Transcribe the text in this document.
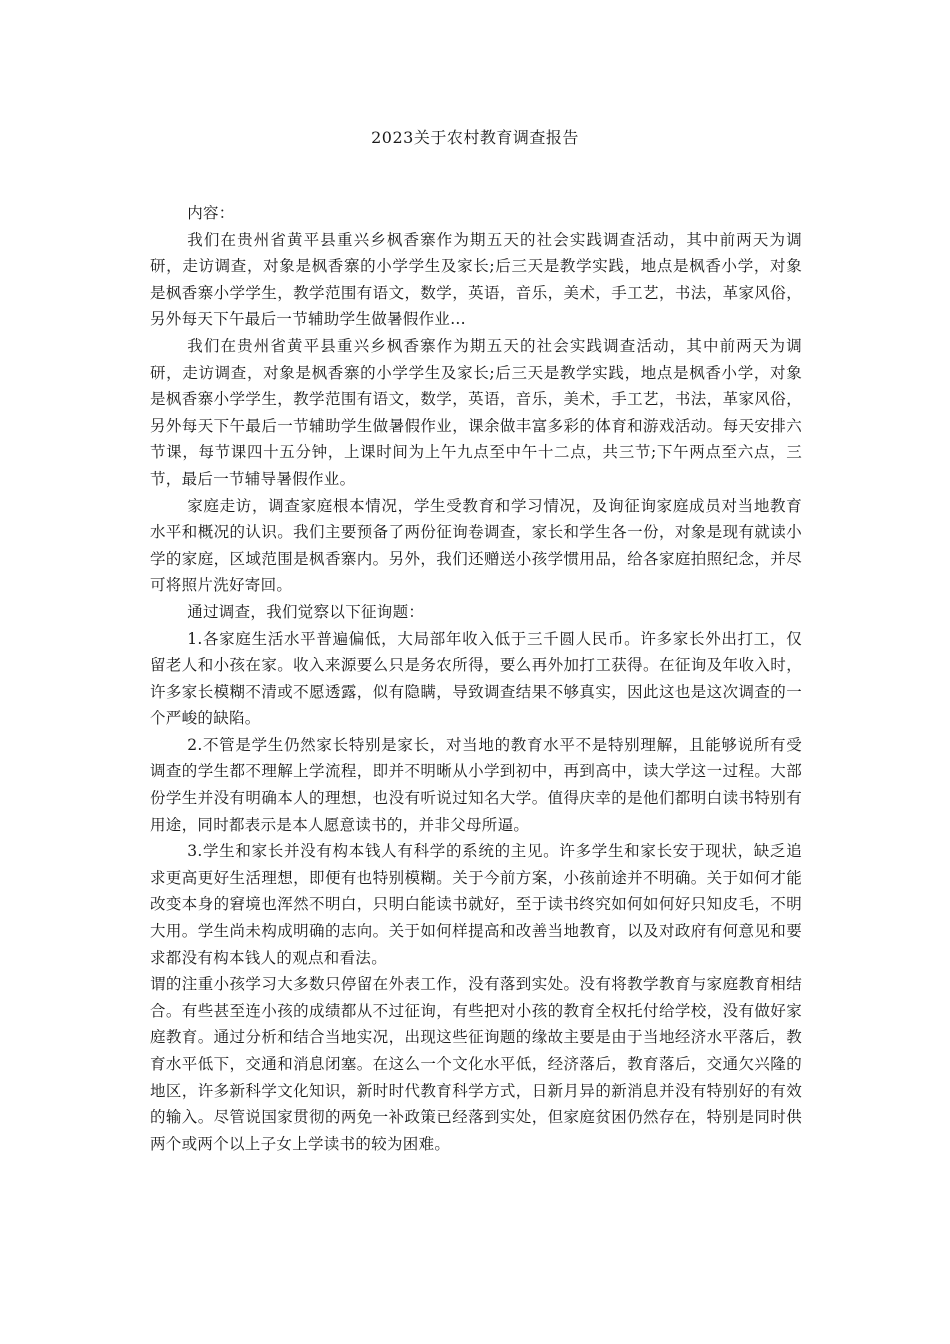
2023关于农村教育调查报告

内容：

我们在贵州省黄平县重兴乡枫香寨作为期五天的社会实践调查活动，其中前两天为调研，走访调查，对象是枫香寨的小学学生及家长;后三天是教学实践，地点是枫香小学，对象是枫香寨小学学生，教学范围有语文，数学，英语，音乐，美术，手工艺，书法，革家风俗，另外每天下午最后一节辅助学生做暑假作业...

我们在贵州省黄平县重兴乡枫香寨作为期五天的社会实践调查活动，其中前两天为调研，走访调查，对象是枫香寨的小学学生及家长;后三天是教学实践，地点是枫香小学，对象是枫香寨小学学生，教学范围有语文，数学，英语，音乐，美术，手工艺，书法，革家风俗，另外每天下午最后一节辅助学生做暑假作业，课余做丰富多彩的体育和游戏活动。每天安排六节课，每节课四十五分钟，上课时间为上午九点至中午十二点，共三节;下午两点至六点，三节，最后一节辅导暑假作业。

家庭走访，调查家庭根本情况，学生受教育和学习情况，及询征询家庭成员对当地教育水平和概况的认识。我们主要预备了两份征询卷调查，家长和学生各一份，对象是现有就读小学的家庭，区域范围是枫香寨内。另外，我们还赠送小孩学惯用品，给各家庭拍照纪念，并尽可将照片洗好寄回。

通过调查，我们觉察以下征询题：

1.各家庭生活水平普遍偏低，大局部年收入低于三千圆人民币。许多家长外出打工，仅留老人和小孩在家。收入来源要么只是务农所得，要么再外加打工获得。在征询及年收入时，许多家长模糊不清或不愿透露，似有隐瞒，导致调查结果不够真实，因此这也是这次调查的一个严峻的缺陷。

2.不管是学生仍然家长特别是家长，对当地的教育水平不是特别理解，且能够说所有受调查的学生都不理解上学流程，即并不明晰从小学到初中，再到高中，读大学这一过程。大部份学生并没有明确本人的理想，也没有听说过知名大学。值得庆幸的是他们都明白读书特别有用途，同时都表示是本人愿意读书的，并非父母所逼。

3.学生和家长并没有构本钱人有科学的系统的主见。许多学生和家长安于现状，缺乏追求更高更好生活理想，即便有也特别模糊。关于今前方案，小孩前途并不明确。关于如何才能改变本身的窘境也浑然不明白，只明白能读书就好，至于读书终究如何如何好只知皮毛，不明大用。学生尚未构成明确的志向。关于如何样提高和改善当地教育，以及对政府有何意见和要求都没有构本钱人的观点和看法。

谓的注重小孩学习大多数只停留在外表工作，没有落到实处。没有将教学教育与家庭教育相结合。有些甚至连小孩的成绩都从不过征询，有些把对小孩的教育全权托付给学校，没有做好家庭教育。通过分析和结合当地实况，出现这些征询题的缘故主要是由于当地经济水平落后，教育水平低下，交通和消息闭塞。在这么一个文化水平低，经济落后，教育落后，交通欠兴隆的地区，许多新科学文化知识，新时时代教育科学方式，日新月异的新消息并没有特别好的有效的输入。尽管说国家贯彻的两免一补政策已经落到实处，但家庭贫困仍然存在，特别是同时供两个或两个以上子女上学读书的较为困难。
